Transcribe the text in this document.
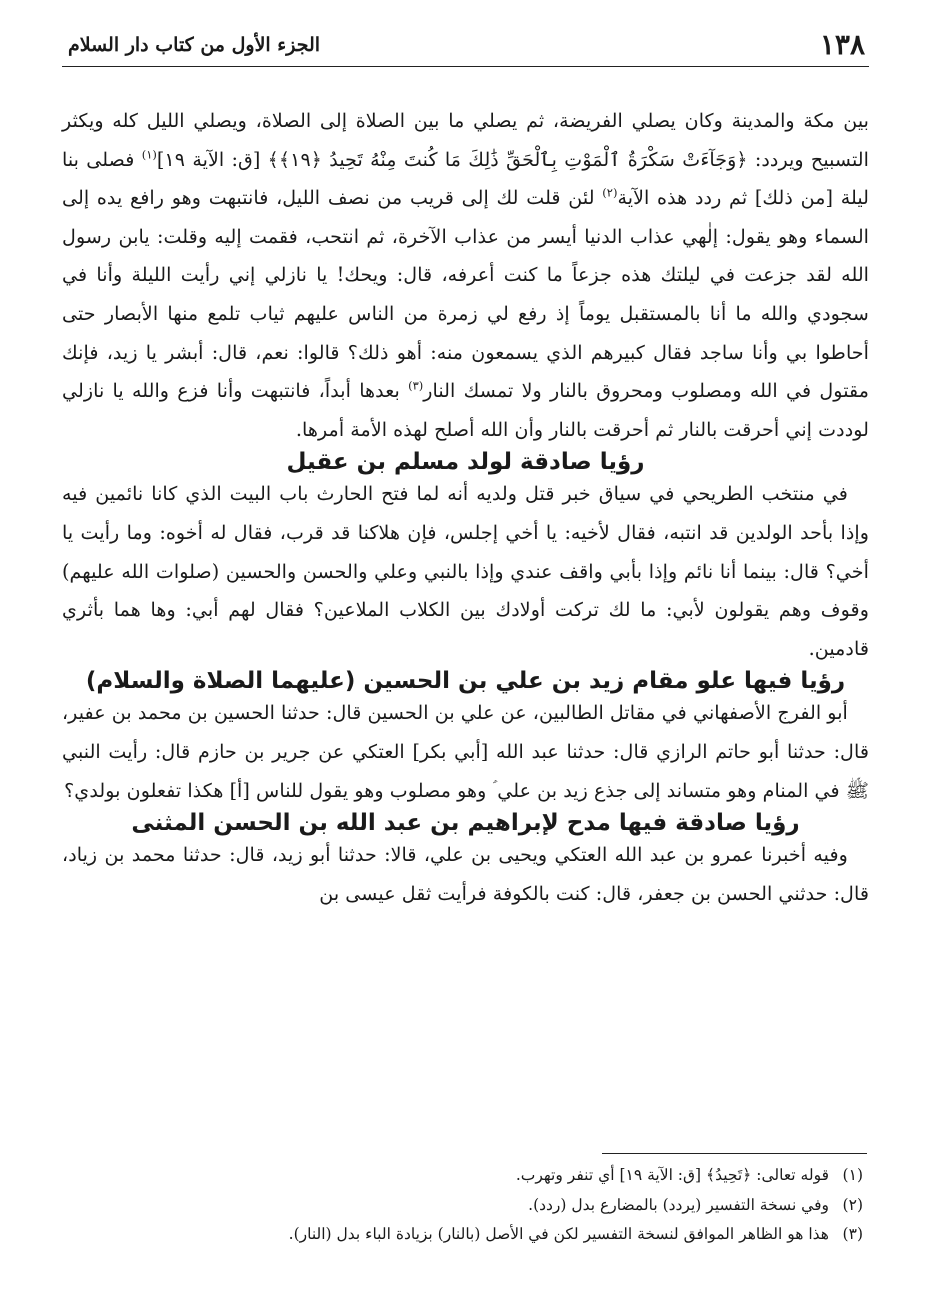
١٣٨
الجزء الأول من كتاب دار السلام

بين مكة والمدينة وكان يصلي الفريضة، ثم يصلي ما بين الصلاة إلى الصلاة، ويصلي الليل كله ويكثر التسبيح ويردد: ﴿وَجَآءَتْ سَكْرَةُ ٱلْمَوْتِ بِٱلْحَقِّ ذَٰلِكَ مَا كُنتَ مِنْهُ تَحِيدُ ﴿١٩﴾﴾ [ق: الآية ١٩]$^{(١)}$ فصلى بنا ليلة [من ذلك] ثم ردد هذه الآية$^{(٢)}$ لئن قلت لك إلى قريب من نصف الليل، فانتبهت وهو رافع يده إلى السماء وهو يقول: إلٰهي عذاب الدنيا أيسر من عذاب الآخرة، ثم انتحب، فقمت إليه وقلت: يابن رسول الله لقد جزعت في ليلتك هذه جزعاً ما كنت أعرفه، قال: ويحك! يا نازلي إني رأيت الليلة وأنا في سجودي والله ما أنا بالمستقبل يوماً إذ رفع لي زمرة من الناس عليهم ثياب تلمع منها الأبصار حتى أحاطوا بي وأنا ساجد فقال كبيرهم الذي يسمعون منه: أهو ذلك؟ قالوا: نعم، قال: أبشر يا زيد، فإنك مقتول في الله ومصلوب ومحروق بالنار ولا تمسك النار$^{(٣)}$ بعدها أبداً، فانتبهت وأنا فزع والله يا نازلي لوددت إني أحرقت بالنار ثم أحرقت بالنار وأن الله أصلح لهذه الأمة أمرها.

رؤيا صادقة لولد مسلم بن عقيل

في منتخب الطريحي في سياق خبر قتل ولديه أنه لما فتح الحارث باب البيت الذي كانا نائمين فيه وإذا بأحد الولدين قد انتبه، فقال لأخيه: يا أخي إجلس، فإن هلاكنا قد قرب، فقال له أخوه: وما رأيت يا أخي؟ قال: بينما أنا نائم وإذا بأبي واقف عندي وإذا بالنبي وعلي والحسن والحسين (صلوات الله عليهم) وقوف وهم يقولون لأبي: ما لك تركت أولادك بين الكلاب الملاعين؟ فقال لهم أبي: وها هما بأثري قادمين.

رؤيا فيها علو مقام زيد بن علي بن الحسين (عليهما الصلاة والسلام)

أبو الفرج الأصفهاني في مقاتل الطالبين، عن علي بن الحسين قال: حدثنا الحسين بن محمد بن عفير، قال: حدثنا أبو حاتم الرازي قال: حدثنا عبد الله [أبي بكر] العتكي عن جرير بن حازم قال: رأيت النبي ﷺ في المنام وهو متساند إلى جذع زيد بن علي ؑ وهو مصلوب وهو يقول للناس [أ] هكذا تفعلون بولدي؟

رؤيا صادقة فيها مدح لإبراهيم بن عبد الله بن الحسن المثنى

وفيه أخبرنا عمرو بن عبد الله العتكي ويحيى بن علي، قالا: حدثنا أبو زيد، قال: حدثنا محمد بن زياد، قال: حدثني الحسن بن جعفر، قال: كنت بالكوفة فرأيت ثقل عيسى بن

(١)قوله تعالى: ﴿تَحِيدُ﴾ [ق: الآية ١٩] أي تنفر وتهرب.
(٢)وفي نسخة التفسير (يردد) بالمضارع بدل (ردد).
(٣)هذا هو الظاهر الموافق لنسخة التفسير لكن في الأصل (بالنار) بزيادة الباء بدل (النار).
